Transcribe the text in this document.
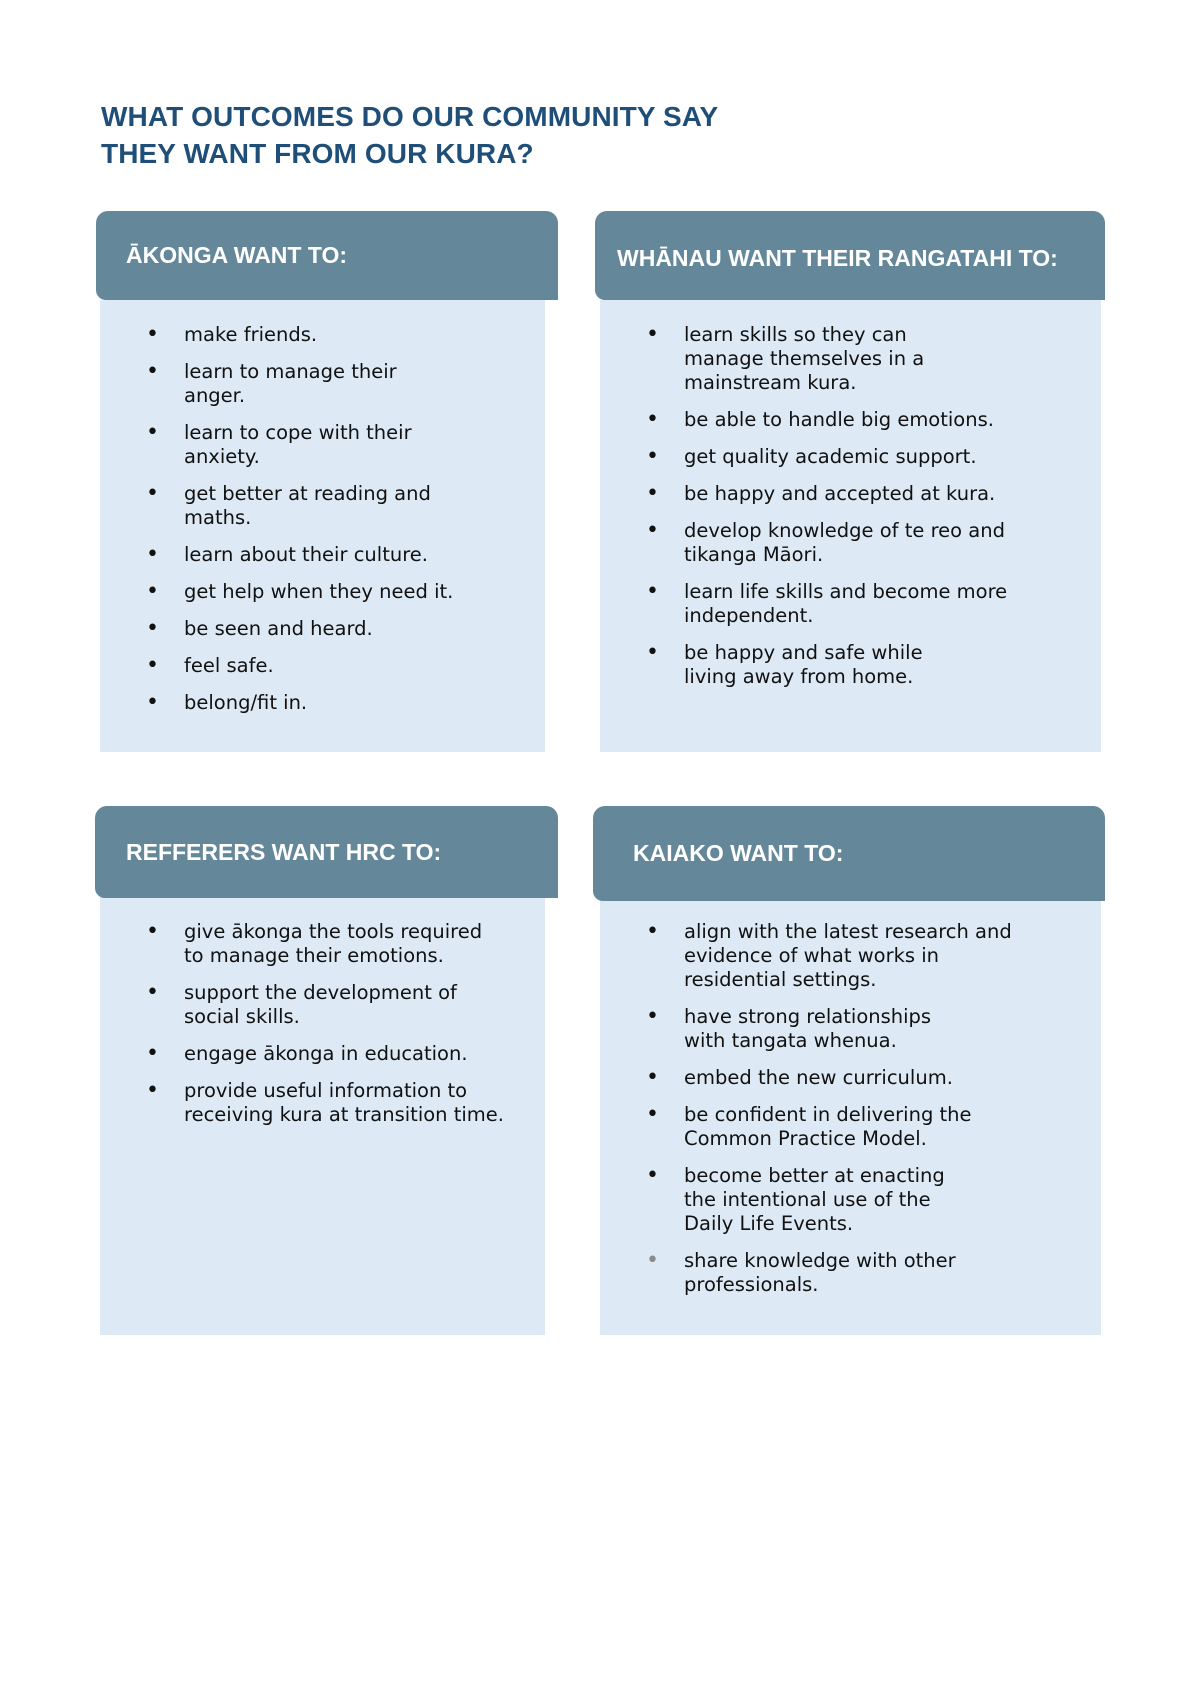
WHAT OUTCOMES DO OUR COMMUNITY SAY
THEY WANT FROM OUR KURA?
ĀKONGA WANT TO:
• make friends.
• learn to manage their anger.
• learn to cope with their anxiety.
• get better at reading and maths.
• learn about their culture.
• get help when they need it.
• be seen and heard.
• feel safe.
• belong/fit in.
WHĀNAU WANT THEIR RANGATAHI TO:
• learn skills so they can manage themselves in a mainstream kura.
• be able to handle big emotions.
• get quality academic support.
• be happy and accepted at kura.
• develop knowledge of te reo and tikanga Māori.
• learn life skills and become more independent.
• be happy and safe while living away from home.
REFFERERS WANT HRC TO:
• give ākonga the tools required to manage their emotions.
• support the development of social skills.
• engage ākonga in education.
• provide useful information to receiving kura at transition time.
KAIAKO WANT TO:
• align with the latest research and evidence of what works in residential settings.
• have strong relationships with tangata whenua.
• embed the new curriculum.
• be confident in delivering the Common Practice Model.
• become better at enacting the intentional use of the Daily Life Events.
• share knowledge with other professionals.
